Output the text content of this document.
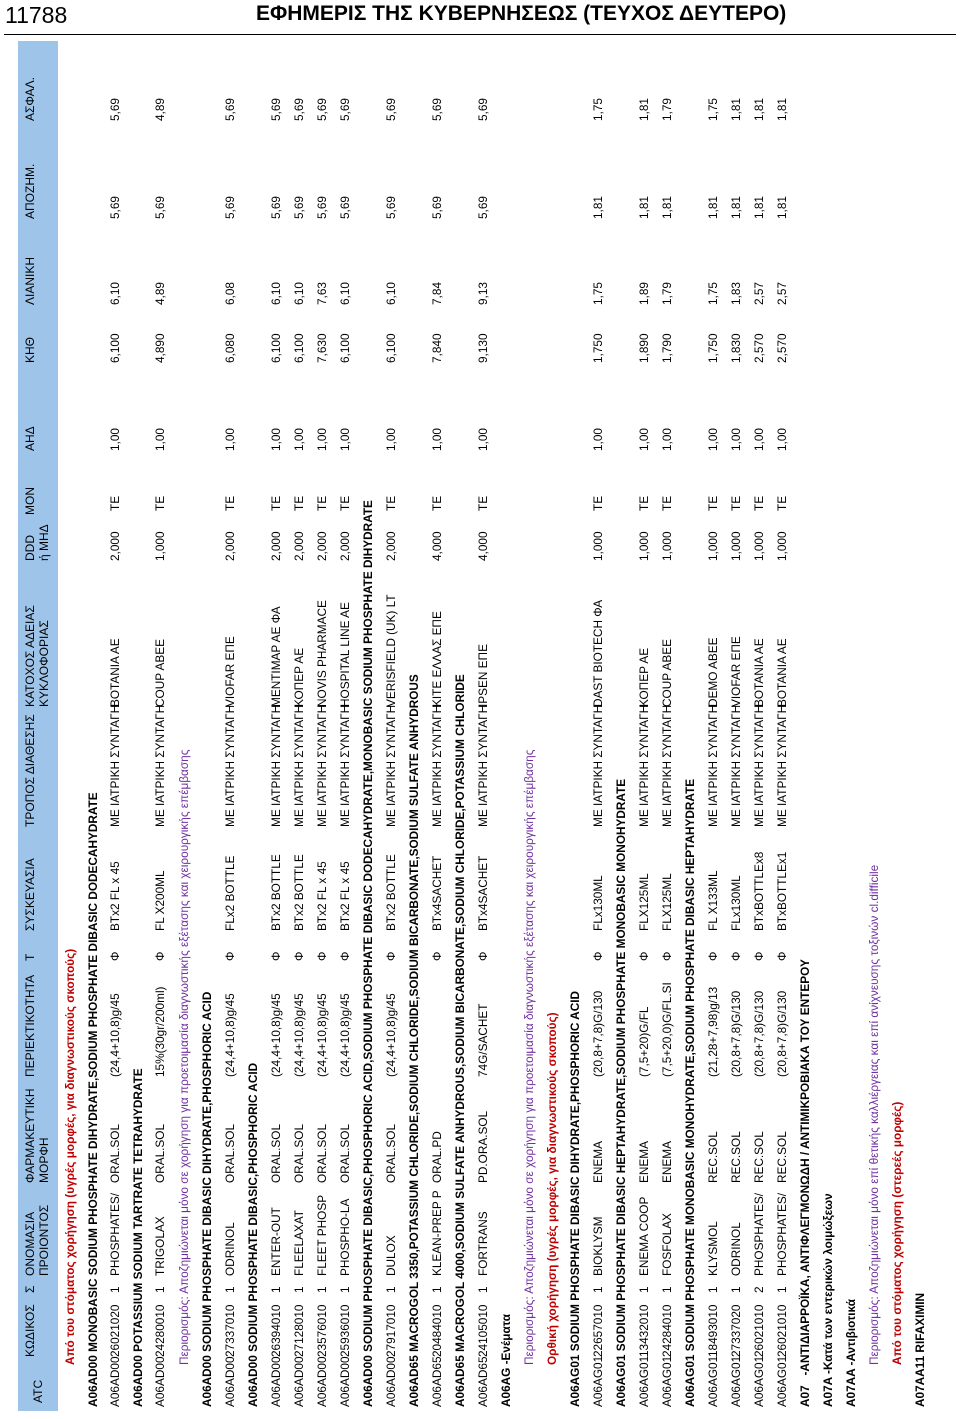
11788	ΕΦΗΜΕΡΙΣ ΤΗΣ ΚΥΒΕΡΝΗΣΕΩΣ (ΤΕΥΧΟΣ ΔΕΥΤΕΡΟ)
ATC
ΚΩΔΙΚΟΣ
Σ
ΟΝΟΜΑΣΙΑ ΠΡΟΙΟΝΤΟΣ
ΦΑΡΜΑΚΕΥΤΙΚΗ ΜΟΡΦΗ
ΠΕΡΙΕΚΤΙΚΟΤΗΤΑ
Τ
ΣΥΣΚΕΥΑΣΙΑ
ΤΡΟΠΟΣ ΔΙΑΘΕΣΗΣ
ΚΑΤΟΧΟΣ ΑΔΕΙΑΣ ΚΥΚΛΟΦΟΡΙΑΣ
DDD
ΜΟΝ
ή ΜΗΔ
ΑΗΔ
ΚΗΘ
ΛΙΑΝΙΚΗ
ΑΠΟΖΗΜ.
ΑΣΦΑΛ.
Από του στόματος χορήγηση (υγρές μορφές, για διαγνωστικούς σκοπούς)
A06AD00 MONOBASIC SODIUM PHOSPHATE DIHYDRATE,SODIUM PHOSPHATE DIBASIC DODECAHYDRATE
A06AD00
26021020
1
PHOSPHATES/
ORAL.SOL
(24,4+10,8)g/45
Φ
BTx2 FL x 45
ΜΕ ΙΑΤΡΙΚΗ ΣΥΝΤΑΓΗ
BOTANIA AE
2,000
ΤΕ
1,00
6,100
6,10
5,69
5,69
A06AD00 POTASSIUM SODIUM TARTRATE TETRAHYDRATE
A06AD00
24280010
1
TRIGOLAX
ORAL.SOL
15%(30gr/200ml)
Φ
FL X200ML
ΜΕ ΙΑΤΡΙΚΗ ΣΥΝΤΑΓΗ
COUP ABEE
1,000
ΤΕ
1,00
4,890
4,89
5,69
4,89
Περιορισμός: Αποζημιώνεται μόνο σε χορήγηση για προετοιμασία διαγνωστικής εξέτασης και χειρουργικής επέμβασης
A06AD00 SODIUM PHOSPHATE DIBASIC DIHYDRATE,PHOSPHORIC ACID
A06AD00
27337010
1
ODRINOL
ORAL.SOL
(24,4+10,8)g/45
Φ
FLx2 BOTTLE
ΜΕ ΙΑΤΡΙΚΗ ΣΥΝΤΑΓΗ
VIOFAR ΕΠΕ
2,000
ΤΕ
1,00
6,080
6,08
5,69
5,69
A06AD00 SODIUM PHOSPHATE DIBASIC,PHOSPHORIC ACID
A06AD00
26394010
1
ENTER-OUT
ORAL.SOL
(24,4+10,8)g/45
Φ
BTx2 BOTTLE
ΜΕ ΙΑΤΡΙΚΗ ΣΥΝΤΑΓΗ
MENTIMAP AE ΦΑ
2,000
ΤΕ
1,00
6,100
6,10
5,69
5,69
A06AD00
27128010
1
FLEELAXAT
ORAL.SOL
(24,4+10,8)g/45
Φ
BTx2 BOTTLE
ΜΕ ΙΑΤΡΙΚΗ ΣΥΝΤΑΓΗ
ΚΟΠΕΡ ΑΕ
2,000
ΤΕ
1,00
6,100
6,10
5,69
5,69
A06AD00
23576010
1
FLEET PHOSP
ORAL.SOL
(24,4+10,8)g/45
Φ
BTx2 FL x 45
ΜΕ ΙΑΤΡΙΚΗ ΣΥΝΤΑΓΗ
NOVIS PHARMACE
2,000
ΤΕ
1,00
7,630
7,63
5,69
5,69
A06AD00
25936010
1
PHOSPHO-LA
ORAL.SOL
(24,4+10,8)g/45
Φ
BTx2 FL x 45
ΜΕ ΙΑΤΡΙΚΗ ΣΥΝΤΑΓΗ
HOSPITAL LINE AE
2,000
ΤΕ
1,00
6,100
6,10
5,69
5,69
A06AD00 SODIUM PHOSPHATE DIBASIC,PHOSPHORIC ACID,SODIUM PHOSPHATE DIBASIC DODECAHYDRATE,MONOBASIC SODIUM PHOSPHATE DIHYDRATE
A06AD00
27917010
1
DULOX
ORAL.SOL
(24,4+10,8)g/45
Φ
BTx2 BOTTLE
ΜΕ ΙΑΤΡΙΚΗ ΣΥΝΤΑΓΗ
VERISFIELD (UK) LT
2,000
ΤΕ
1,00
6,100
6,10
5,69
5,69
A06AD65 MACROGOL 3350,POTASSIUM CHLORIDE,SODIUM CHLORIDE,SODIUM BICARBONATE,SODIUM SULFATE ANHYDROUS
A06AD65
20484010
1
KLEAN-PREP P
ORAL.PD
Φ
BTx4SACHET
ΜΕ ΙΑΤΡΙΚΗ ΣΥΝΤΑΓΗ
ΚΙΤΕ ΕΛΛΑΣ ΕΠΕ
4,000
ΤΕ
1,00
7,840
7,84
5,69
5,69
A06AD65 MACROGOL 4000,SODIUM SULFATE ANHYDROUS,SODIUM BICARBONATE,SODIUM CHLORIDE,POTASSIUM CHLORIDE
A06AD65
24105010
1
FORTRANS
PD.ORA.SOL
74G/SACHET
Φ
BTx4SACHET
ΜΕ ΙΑΤΡΙΚΗ ΣΥΝΤΑΓΗ
IPSEN ΕΠΕ
4,000
ΤΕ
1,00
9,130
9,13
5,69
5,69
A06AG -Ενέματα Περιορισμός: Αποζημιώνεται μόνο σε χορήγηση για προετοιμασία διαγνωστικής εξέτασης και χειρουργικής επέμβασης Ορθική χορήγηση (υγρές μορφές, για διαγνωστικούς σκοπούς)
A06AG01 SODIUM PHOSPHATE DIBASIC DIHYDRATE,PHOSPHORIC ACID
A06AG01
22657010
1
BIOKLYSM
ENEMA
(20,8+7,8)G/130
Φ
FLx130ML
ΜΕ ΙΑΤΡΙΚΗ ΣΥΝΤΑΓΗ
DAST BIOTECH ΦΑ
1,000
ΤΕ
1,00
1,750
1,75
1,81
1,75
A06AG01 SODIUM PHOSPHATE DIBASIC HEPTAHYDRATE,SODIUM PHOSPHATE MONOBASIC MONOHYDRATE
A06AG01
13432010
1
ENEMA COOP
ENEMA
(7,5+20)G/FL
Φ
FLX125ML
ΜΕ ΙΑΤΡΙΚΗ ΣΥΝΤΑΓΗ
ΚΟΠΕΡ ΑΕ
1,000
ΤΕ
1,00
1,890
1,89
1,81
1,81
A06AG01
24284010
1
FOSFOLAX
ENEMA
(7,5+20,0)G/FL.SI
Φ
FLX125ML
ΜΕ ΙΑΤΡΙΚΗ ΣΥΝΤΑΓΗ
COUP ABEE
1,000
ΤΕ
1,00
1,790
1,79
1,81
1,79
A06AG01 SODIUM PHOSPHATE MONOBASIC MONOHYDRATE,SODIUM PHOSPHATE DIBASIC HEPTAHYDRATE
A06AG01
18493010
1
KLYSMOL
REC.SOL
(21,28+7,98)g/13
Φ
FL X133ML
ΜΕ ΙΑΤΡΙΚΗ ΣΥΝΤΑΓΗ
DEMO ABEE
1,000
ΤΕ
1,00
1,750
1,75
1,81
1,75
A06AG01
27337020
1
ODRINOL
REC.SOL
(20,8+7,8)G/130
Φ
FLx130ML
ΜΕ ΙΑΤΡΙΚΗ ΣΥΝΤΑΓΗ
VIOFAR ΕΠΕ
1,000
ΤΕ
1,00
1,830
1,83
1,81
1,81
A06AG01
26021010
2
PHOSPHATES/
REC.SOL
(20,8+7,8)G/130
Φ
BTxBOTTLEx8
ΜΕ ΙΑΤΡΙΚΗ ΣΥΝΤΑΓΗ
BOTANIA AE
1,000
ΤΕ
1,00
2,570
2,57
1,81
1,81
A06AG01
26021010
1
PHOSPHATES/
REC.SOL
(20,8+7,8)G/130
Φ
BTxBOTTLEx1
ΜΕ ΙΑΤΡΙΚΗ ΣΥΝΤΑΓΗ
BOTANIA AE
1,000
ΤΕ
1,00
2,570
2,57
1,81
1,81
A07   -ΑΝΤΙΔΙΑΡΡΟΪΚΑ, ΑΝΤΙΦΛΕΓΜΟΝΩΔΗ / ΑΝΤΙΜΙΚΡΟΒΙΑΚΑ ΤΟΥ ΕΝΤΕΡΟΥ
A07A -Κατά των εντερικών λοιμώξεων
A07AA -Αντιβιοτικά Περιορισμός: Αποζημιώνεται μόνο επί θετικής καλλιέργειας και επί ανίχνευσης τοξινών cl.difficile Από του στόματος χορήγηση (στερεές μορφές)
A07AA11 RIFAXIMIN
